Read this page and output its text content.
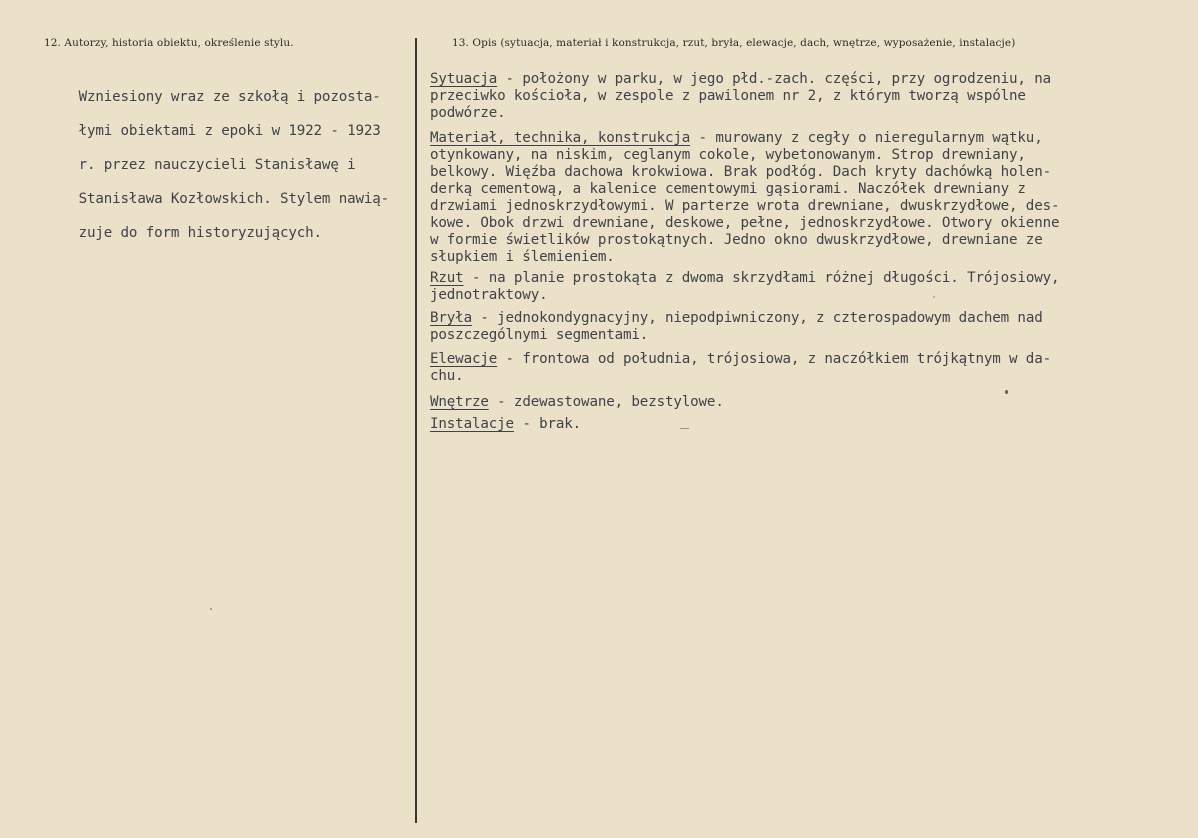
12. Autorzy, historia obiektu, określenie stylu.	13. Opis (sytuacja, materiał i konstrukcja, rzut, bryła, elewacje, dach, wnętrze, wyposażenie, instalacje)

Wzniesiony wraz ze szkołą i pozosta-

łymi obiektami z epoki w 1922 - 1923

r. przez nauczycieli Stanisławę i

Stanisława Kozłowskich. Stylem nawią-

zuje do form historyzujących.

Sytuacja - położony w parku, w jego płd.-zach. części, przy ogrodzeniu, na
przeciwko kościoła, w zespole z pawilonem nr 2, z którym tworzą wspólne
podwórze.
Materiał, technika, konstrukcja - murowany z cegły o nieregularnym wątku,
otynkowany, na niskim, ceglanym cokole, wybetonowanym. Strop drewniany,
belkowy. Więźba dachowa krokwiowa. Brak podłóg. Dach kryty dachówką holen-
derką cementową, a kalenice cementowymi gąsiorami. Naczółek drewniany z
drzwiami jednoskrzydłowymi. W parterze wrota drewniane, dwuskrzydłowe, des-
kowe. Obok drzwi drewniane, deskowe, pełne, jednoskrzydłowe. Otwory okienne
w formie świetlików prostokątnych. Jedno okno dwuskrzydłowe, drewniane ze
słupkiem i ślemieniem.
Rzut - na planie prostokąta z dwoma skrzydłami różnej długości. Trójosiowy,
jednotraktowy.
Bryła - jednokondygnacyjny, niepodpiwniczony, z czterospadowym dachem nad
poszczególnymi segmentami.
Elewacje - frontowa od południa, trójosiowa, z naczółkiem trójkątnym w da-
chu.
Wnętrze - zdewastowane, bezstylowe.
Instalacje - brak.
